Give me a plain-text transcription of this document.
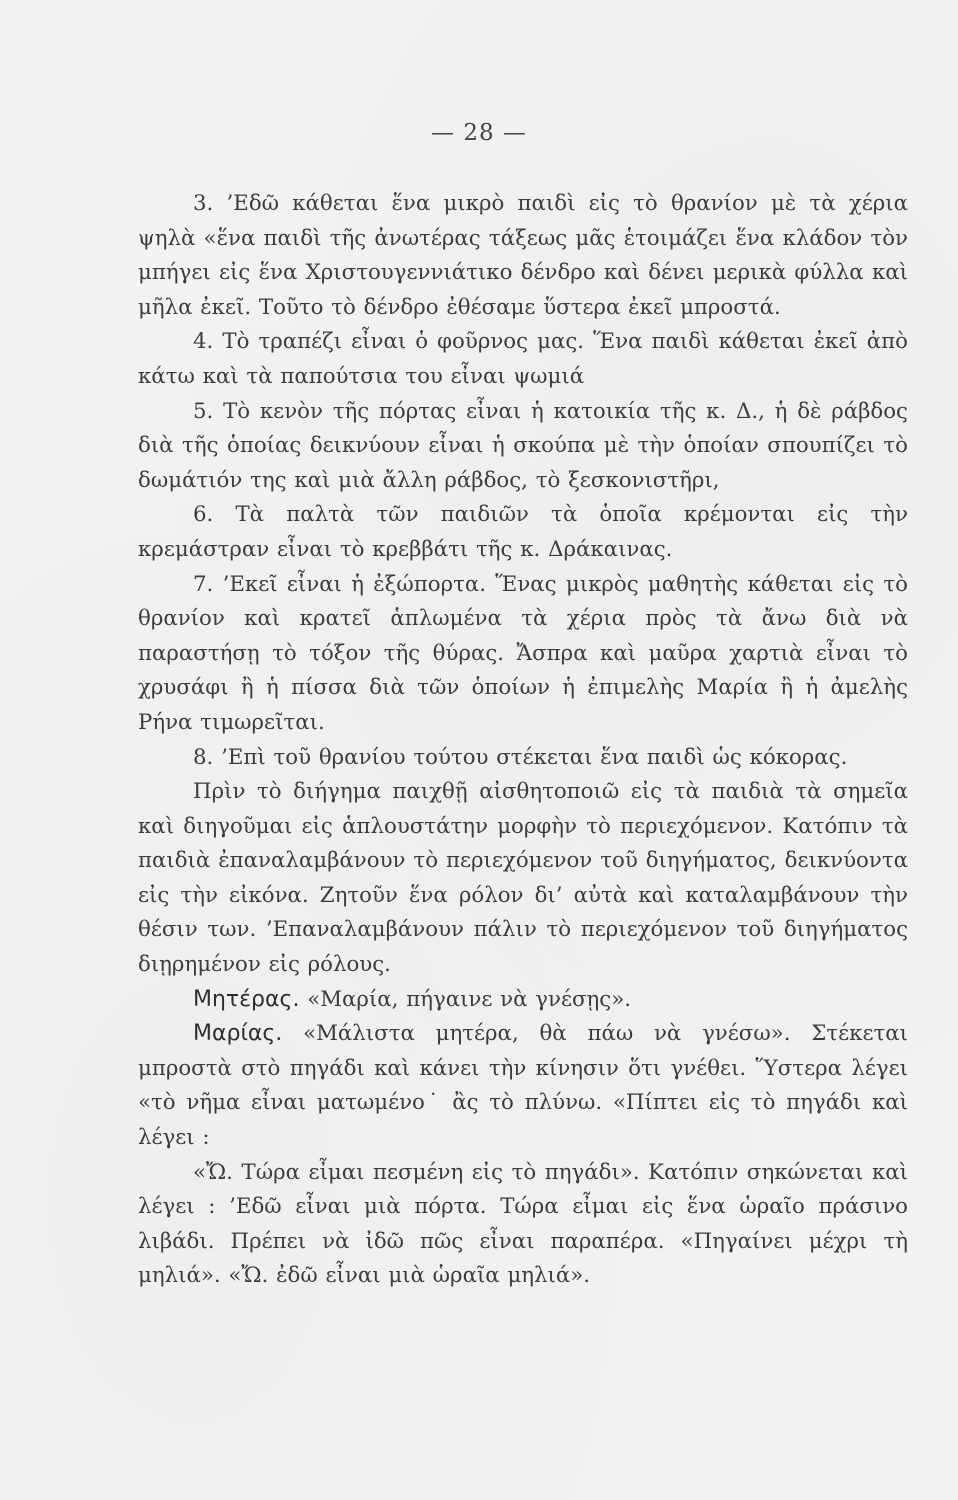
— 28 —

3. ’Εδῶ κάθεται ἕνα μικρὸ παιδὶ εἰς τὸ θρανίον μὲ τὰ χέρια ψηλὰ «ἕνα παιδὶ τῆς ἀνωτέρας τάξεως μᾶς ἑτοιμάζει ἕνα κλάδον τὸν μπήγει εἰς ἕνα Χριστουγεννιάτικο δένδρο καὶ δένει μερικὰ φύλλα καὶ μῆλα ἐκεῖ. Τοῦτο τὸ δένδρο ἐθέσαμε ὕστερα ἐκεῖ μπροστά.

4. Τὸ τραπέζι εἶναι ὁ φοῦρνος μας. Ἕνα παιδὶ κάθεται ἐκεῖ ἀπὸ κάτω καὶ τὰ παπούτσια του εἶναι ψωμιά

5. Τὸ κενὸν τῆς πόρτας εἶναι ἡ κατοικία τῆς κ. Δ., ἡ δὲ ράβδος διὰ τῆς ὁποίας δεικνύουν εἶναι ἡ σκούπα μὲ τὴν ὁποίαν σπουπίζει τὸ δωμάτιόν της καὶ μιὰ ἄλλη ράβδος, τὸ ξεσκονιστῆρι,

6. Τὰ παλτὰ τῶν παιδιῶν τὰ ὁποῖα κρέμονται εἰς τὴν κρεμάστραν εἶναι τὸ κρεββάτι τῆς κ. Δράκαινας.

7. ’Εκεῖ εἶναι ἡ ἐξώπορτα. Ἕνας μικρὸς μαθητὴς κάθεται εἰς τὸ θρανίον καὶ κρατεῖ ἁπλωμένα τὰ χέρια πρὸς τὰ ἄνω διὰ νὰ παραστήσῃ τὸ τόξον τῆς θύρας. Ἄσπρα καὶ μαῦρα χαρτιὰ εἶναι τὸ χρυσάφι ἢ ἡ πίσσα διὰ τῶν ὁποίων ἡ ἐπιμελὴς Μαρία ἢ ἡ ἀμελὴς Ρήνα τιμωρεῖται.

8. ’Επὶ τοῦ θρανίου τούτου στέκεται ἕνα παιδὶ ὡς κόκορας.

Πρὶν τὸ διήγημα παιχθῇ αἰσθητοποιῶ εἰς τὰ παιδιὰ τὰ σημεῖα καὶ διηγοῦμαι εἰς ἁπλουστάτην μορφὴν τὸ περιεχόμενον. Κατόπιν τὰ παιδιὰ ἐπαναλαμβάνουν τὸ περιεχόμενον τοῦ διηγήματος, δεικνύοντα εἰς τὴν εἰκόνα. Ζητοῦν ἕνα ρόλον δι’ αὐτὰ καὶ καταλαμβάνουν τὴν θέσιν των. ’Επαναλαμβάνουν πάλιν τὸ περιεχόμενον τοῦ διηγήματος διῃρημένον εἰς ρόλους.

Μητέρας. «Μαρία, πήγαινε νὰ γνέσῃς».

Μαρίας. «Μάλιστα μητέρα, θὰ πάω νὰ γνέσω». Στέκεται μπροστὰ στὸ πηγάδι καὶ κάνει τὴν κίνησιν ὅτι γνέθει. Ὕστερα λέγει «τὸ νῆμα εἶναι ματωμένο˙ ἂς τὸ πλύνω. «Πίπτει εἰς τὸ πηγάδι καὶ λέγει :

«Ὤ. Τώρα εἶμαι πεσμένη εἰς τὸ πηγάδι». Κατόπιν σηκώνεται καὶ λέγει : ’Εδῶ εἶναι μιὰ πόρτα. Τώρα εἶμαι εἰς ἕνα ὡραῖο πράσινο λιβάδι. Πρέπει νὰ ἰδῶ πῶς εἶναι παραπέρα. «Πηγαίνει μέχρι τὴ μηλιά». «Ὤ. ἐδῶ εἶναι μιὰ ὡραῖα μηλιά».
